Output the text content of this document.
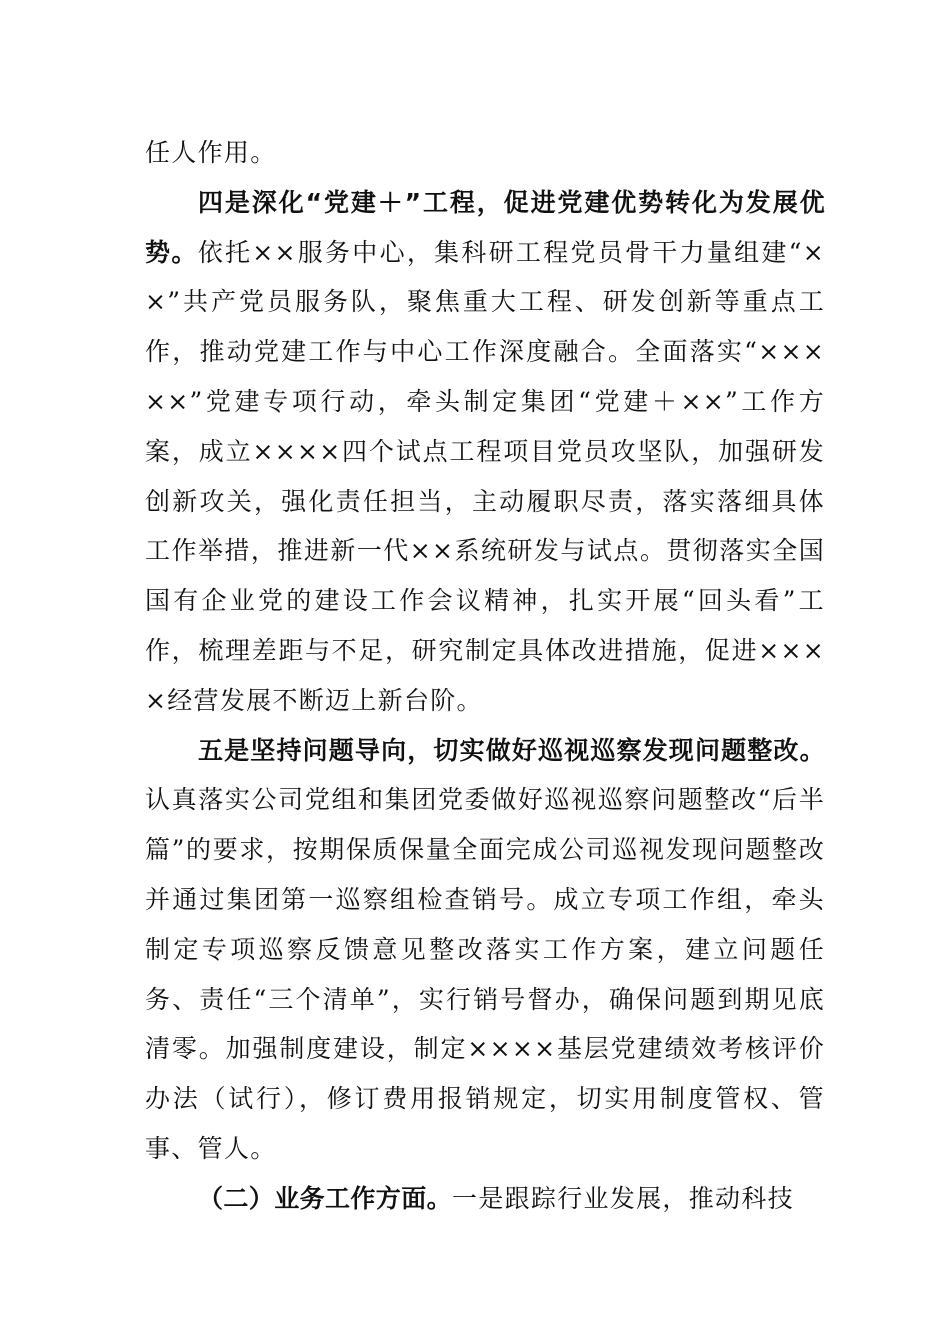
任人作用。

四是深化“党建＋”工程，促进党建优势转化为发展优势。依托××服务中心，集科研工程党员骨干力量组建“××”共产党员服务队，聚焦重大工程、研发创新等重点工作，推动党建工作与中心工作深度融合。全面落实“×××××”党建专项行动，牵头制定集团“党建＋××”工作方案，成立××××四个试点工程项目党员攻坚队，加强研发创新攻关，强化责任担当，主动履职尽责，落实落细具体工作举措，推进新一代××系统研发与试点。贯彻落实全国国有企业党的建设工作会议精神，扎实开展“回头看”工作，梳理差距与不足，研究制定具体改进措施，促进××××经营发展不断迈上新台阶。

五是坚持问题导向，切实做好巡视巡察发现问题整改。认真落实公司党组和集团党委做好巡视巡察问题整改“后半篇”的要求，按期保质保量全面完成公司巡视发现问题整改并通过集团第一巡察组检查销号。成立专项工作组，牵头制定专项巡察反馈意见整改落实工作方案，建立问题任务、责任“三个清单”，实行销号督办，确保问题到期见底清零。加强制度建设，制定××××基层党建绩效考核评价办法（试行），修订费用报销规定，切实用制度管权、管事、管人。

（二）业务工作方面。一是跟踪行业发展，推动科技
